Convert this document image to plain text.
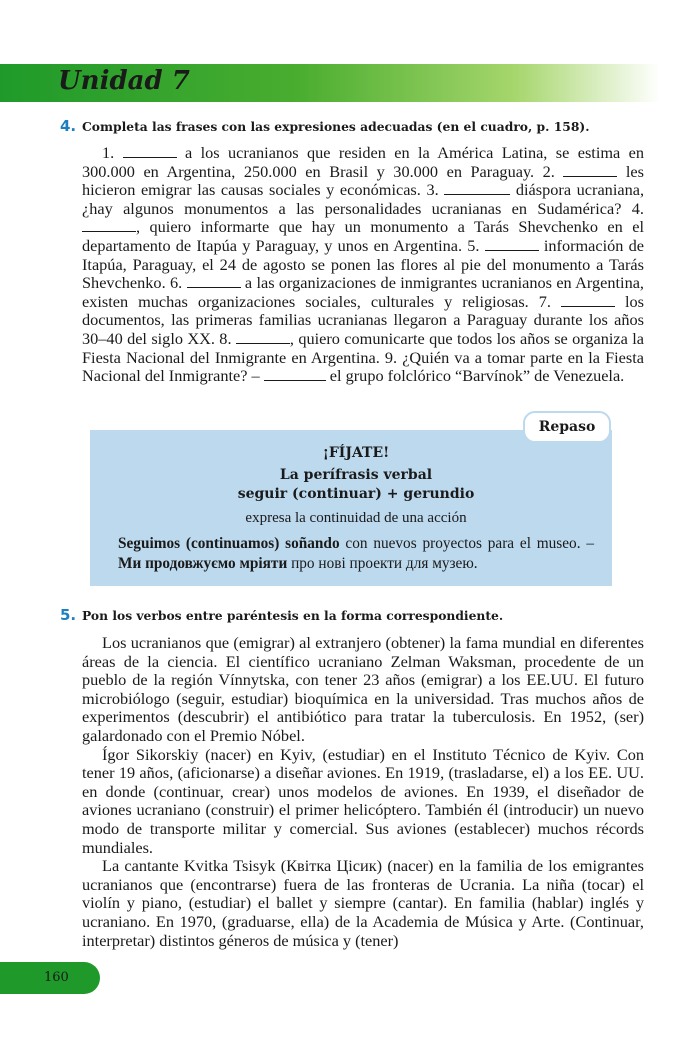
Unidad 7
4. Completa las frases con las expresiones adecuadas (en el cuadro, p. 158).

1.	a los ucranianos que residen en la América Latina, se estima en 300.000 en Argentina, 250.000 en Brasil y 30.000 en Paraguay. 2.	les hicieron emigrar las causas sociales y económicas. 3.	diáspora ucraniana, ¿hay algunos monumentos a las personalidades ucranianas en Sudamérica? 4. , quiero informarte que hay un monumento a Tarás Shevchenko en el departamento de Itapúa y Paraguay, y unos en Argentina. 5.	información de Itapúa, Paraguay, el 24 de agosto se ponen las flores al pie del monumento a Tarás Shevchenko. 6.	a las organizaciones de inmigrantes ucranianos en Argentina, existen muchas organizaciones sociales, culturales y religiosas. 7.	los documentos, las primeras familias ucranianas llegaron a Paraguay durante los años 30–40 del siglo XX. 8.	, quiero comunicarte que todos los años se organiza la Fiesta Nacional del Inmigrante en Argentina. 9. ¿Quién va a tomar parte en la Fiesta Nacional del Inmigrante? –	el grupo folclórico “Barvínok” de Venezuela.

Repaso

¡FÍJATE!

La perífrasis verbal

seguir (continuar) + gerundio

expresa la continuidad de una acción

Seguimos (continuamos) soñando con nuevos proyectos para el museo. – Ми продовжуємо мріяти про нові проекти для музею.

5. Pon los verbos entre paréntesis en la forma correspondiente.

Los ucranianos que (emigrar) al extranjero (obtener) la fama mundial en diferentes áreas de la ciencia. El científico ucraniano Zelman Waksman, procedente de un pueblo de la región Vínnytska, con tener 23 años (emigrar) a los EE.UU. El futuro microbiólogo (seguir, estudiar) bioquímica en la universidad. Tras muchos años de experimentos (descubrir) el antibiótico para tratar la tuberculosis. En 1952, (ser) galardonado con el Premio Nóbel.

Ígor Sikorskiy (nacer) en Kyiv, (estudiar) en el Instituto Técnico de Kyiv. Con tener 19 años, (aficionarse) a diseñar aviones. En 1919, (trasladarse, el) a los EE. UU. en donde (continuar, crear) unos modelos de aviones. En 1939, el diseñador de aviones ucraniano (construir) el primer helicóptero. También él (introducir) un nuevo modo de transporte militar y comercial. Sus aviones (establecer) muchos récords mundiales.

La cantante Kvitka Tsisyk (Квітка Цісик) (nacer) en la familia de los emigrantes ucranianos que (encontrarse) fuera de las fronteras de Ucrania. La niña (tocar) el violín y piano, (estudiar) el ballet y siempre (cantar). En familia (hablar) inglés y ucraniano. En 1970, (graduarse, ella) de la Academia de Música y Arte. (Continuar, interpretar) distintos géneros de música y (tener)

160
